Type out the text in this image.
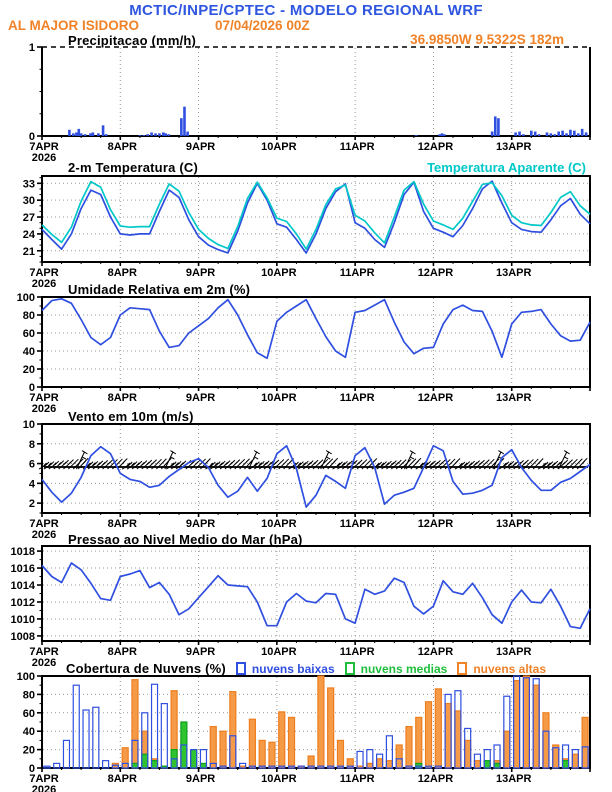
MCTIC/INPE/CPTEC - MODELO REGIONAL WRF
AL MAJOR ISIDORO	07/04/2026 00Z
36.9850W 9.5322S 182m
Precipitacao (mm/h)
2-m Temperatura (C)	Temperatura Aparente (C)
Umidade Relativa em 2m (%)
Vento em 10m (m/s)
Pressao ao Nivel Medio do Mar (hPa)
Cobertura de Nuvens (%) nuvens baixas nuvens medias nuvens altas
0
1
7APR	8APR	9APR	10APR	11APR	12APR	13APR
2026
21
24
27
30
33
7APR	8APR	9APR	10APR	11APR	12APR	13APR
2026
0
20
40
60
80
100
7APR	8APR	9APR	10APR	11APR	12APR	13APR
2026
2
4
6
8
10
7APR	8APR	9APR	10APR	11APR	12APR	13APR
2026
1008
1010
1012
1014
1016
1018
7APR	8APR	9APR	10APR	11APR	12APR	13APR
2026
0
20
40
60
80
100
7APR	8APR	9APR	10APR	11APR	12APR	13APR
2026
